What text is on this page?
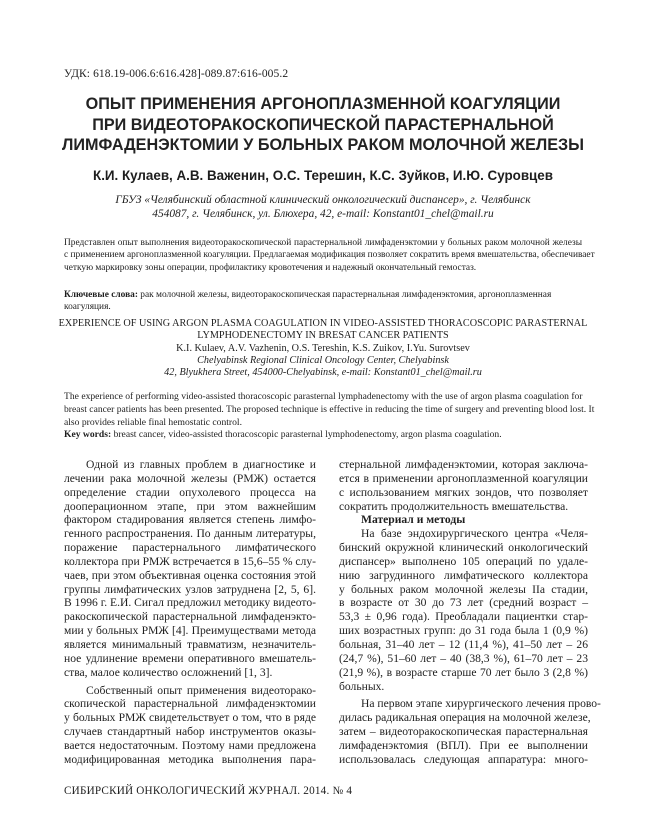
УДК: 618.19-006.6:616.428]-089.87:616-005.2
ОПЫТ ПРИМЕНЕНИЯ АРГОНОПЛАЗМЕННОЙ КОАГУЛЯЦИИ
ПРИ ВИДЕОТОРАКОСКОПИЧЕСКОЙ ПАРАСТЕРНАЛЬНОЙ
ЛИМФАДЕНЭКТОМИИ У БОЛЬНЫХ РАКОМ МОЛОЧНОЙ ЖЕЛЕЗЫ
К.И. Кулаев, А.В. Важенин, О.С. Терешин, К.С. Зуйков, И.Ю. Суровцев
ГБУЗ «Челябинский областной клинический онкологический диспансер», г. Челябинск
454087, г. Челябинск, ул. Блюхера, 42, e-mail: Konstant01_chel@mail.ru
Представлен опыт выполнения видеоторакоскопической парастернальной лимфаденэктомии у больных раком молочной железы
с применением аргоноплазменной коагуляции. Предлагаемая модификация позволяет сократить время вмешательства, обеспечивает
четкую маркировку зоны операции, профилактику кровотечения и надежный окончательный гемостаз.
Ключевые слова: рак молочной железы, видеоторакоскопическая парастернальная лимфаденэктомия, аргоноплазменная
коагуляция.
EXPERIENCE OF USING ARGON PLASMA COAGULATION IN VIDEO-ASSISTED THORACOSCOPIC PARASTERNAL
LYMPHODENECTOMY IN BRESAT CANCER PATIENTS
K.I. Kulaev, A.V. Vazhenin, O.S. Tereshin, K.S. Zuikov, I.Yu. Surovtsev
Chelyabinsk Regional Clinical Oncology Center, Chelyabinsk
42, Blyukhera Street, 454000-Chelyabinsk, e-mail: Konstant01_chel@mail.ru
The experience of performing video-assisted thoracoscopic parasternal lymphadenectomy with the use of argon plasma coagulation for
breast cancer patients has been presented. The proposed technique is effective in reducing the time of surgery and preventing blood lost. It
also provides reliable final hemostatic control.
Key words: breast cancer, video-assisted thoracoscopic parasternal lymphodenectomy, argon plasma coagulation.
Одной из главных проблем в диагностике и
лечении рака молочной железы (РМЖ) остается
определение стадии опухолевого процесса на
дооперационном этапе, при этом важнейшим
фактором стадирования является степень лимфо-
генного распространения. По данным литературы,
поражение парастернального лимфатического
коллектора при РМЖ встречается в 15,6–55 % слу-
чаев, при этом объективная оценка состояния этой
группы лимфатических узлов затруднена [2, 5, 6].
В 1996 г. Е.И. Сигал предложил методику видеото-
ракоскопической парастернальной лимфаденэкто-
мии у больных РМЖ [4]. Преимуществами метода
является минимальный травматизм, незначитель-
ное удлинение времени оперативного вмешатель-
ства, малое количество осложнений [1, 3].
Собственный опыт применения видеоторако-
скопической парастернальной лимфаденэктомии
у больных РМЖ свидетельствует о том, что в ряде
случаев стандартный набор инструментов оказы-
вается недостаточным. Поэтому нами предложена
модифицированная методика выполнения пара-
стернальной лимфаденэктомии, которая заключа-
ется в применении аргоноплазменной коагуляции
с использованием мягких зондов, что позволяет
сократить продолжительность вмешательства.
Материал и методы
На базе эндохирургического центра «Челя-
бинский окружной клинический онкологический
диспансер» выполнено 105 операций по удале-
нию загрудинного лимфатического коллектора
у больных раком молочной железы IIa стадии,
в возрасте от 30 до 73 лет (средний возраст –
53,3 ± 0,96 года). Преобладали пациентки стар-
ших возрастных групп: до 31 года была 1 (0,9 %)
больная, 31–40 лет – 12 (11,4 %), 41–50 лет – 26
(24,7 %), 51–60 лет – 40 (38,3 %), 61–70 лет – 23
(21,9 %), в возрасте старше 70 лет было 3 (2,8 %)
больных.
На первом этапе хирургического лечения прово-
дилась радикальная операция на молочной железе,
затем – видеоторакоскопическая парастернальная
лимфаденэктомия (ВПЛ). При ее выполнении
использовалась следующая аппаратура: много-
СИБИРСКИЙ ОНКОЛОГИЧЕСКИЙ ЖУРНАЛ. 2014. № 4
